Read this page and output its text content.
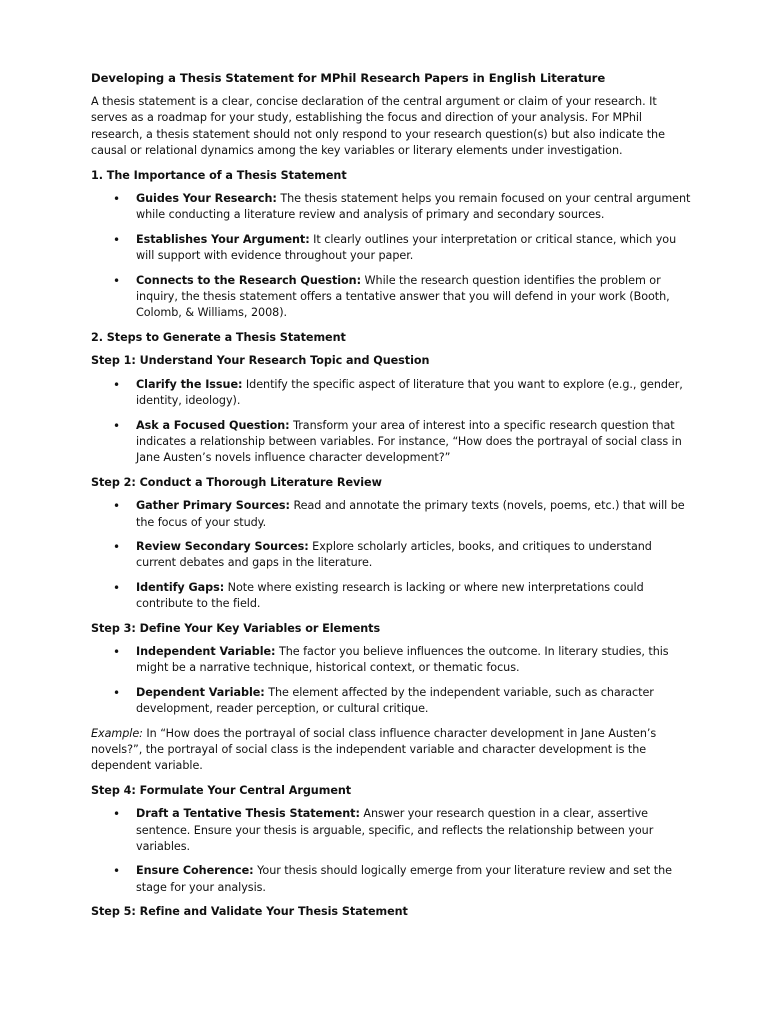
Developing a Thesis Statement for MPhil Research Papers in English Literature

A thesis statement is a clear, concise declaration of the central argument or claim of your research. It serves as a roadmap for your study, establishing the focus and direction of your analysis. For MPhil research, a thesis statement should not only respond to your research question(s) but also indicate the causal or relational dynamics among the key variables or literary elements under investigation.

1. The Importance of a Thesis Statement
• Guides Your Research: The thesis statement helps you remain focused on your central argument while conducting a literature review and analysis of primary and secondary sources.
• Establishes Your Argument: It clearly outlines your interpretation or critical stance, which you will support with evidence throughout your paper.
• Connects to the Research Question: While the research question identifies the problem or inquiry, the thesis statement offers a tentative answer that you will defend in your work (Booth, Colomb, & Williams, 2008).
2. Steps to Generate a Thesis Statement
Step 1: Understand Your Research Topic and Question
• Clarify the Issue: Identify the specific aspect of literature that you want to explore (e.g., gender, identity, ideology).
• Ask a Focused Question: Transform your area of interest into a specific research question that indicates a relationship between variables. For instance, “How does the portrayal of social class in Jane Austen’s novels influence character development?”
Step 2: Conduct a Thorough Literature Review
• Gather Primary Sources: Read and annotate the primary texts (novels, poems, etc.) that will be the focus of your study.
• Review Secondary Sources: Explore scholarly articles, books, and critiques to understand current debates and gaps in the literature.
• Identify Gaps: Note where existing research is lacking or where new interpretations could contribute to the field.
Step 3: Define Your Key Variables or Elements
• Independent Variable: The factor you believe influences the outcome. In literary studies, this might be a narrative technique, historical context, or thematic focus.
• Dependent Variable: The element affected by the independent variable, such as character development, reader perception, or cultural critique.

Example: In “How does the portrayal of social class influence character development in Jane Austen’s novels?”, the portrayal of social class is the independent variable and character development is the dependent variable.

Step 4: Formulate Your Central Argument
• Draft a Tentative Thesis Statement: Answer your research question in a clear, assertive sentence. Ensure your thesis is arguable, specific, and reflects the relationship between your variables.
• Ensure Coherence: Your thesis should logically emerge from your literature review and set the stage for your analysis.
Step 5: Refine and Validate Your Thesis Statement
